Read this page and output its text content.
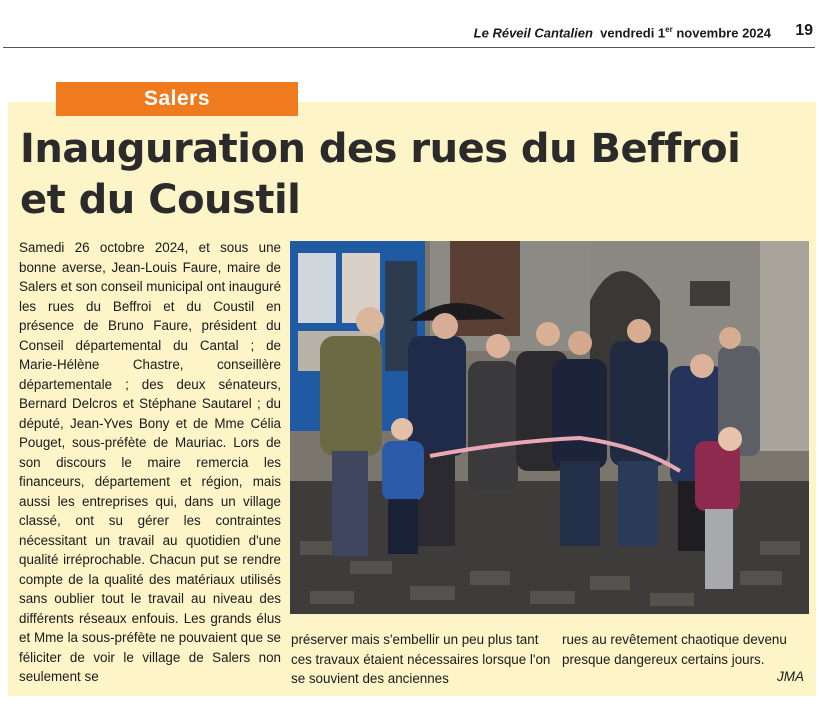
Le Réveil Cantalien vendredi 1er novembre 2024 19
Salers
Inauguration des rues du Beffroi
et du Coustil
Samedi 26 octobre 2024, et sous une bonne averse, Jean-Louis Faure, maire de Salers et son conseil municipal ont inauguré les rues du Beffroi et du Coustil en présence de Bruno Faure, président du Conseil départemental du Cantal ; de Marie-Hélène Chastre, conseillère départementale ; des deux sénateurs, Bernard Delcros et Stéphane Sautarel ; du député, Jean-Yves Bony et de Mme Célia Pouget, sous-préfète de Mauriac. Lors de son discours le maire remercia les financeurs, département et région, mais aussi les entreprises qui, dans un village classé, ont su gérer les contraintes nécessitant un travail au quotidien d'une qualité irréprochable. Chacun put se rendre compte de la qualité des matériaux utilisés sans oublier tout le travail au niveau des différents réseaux enfouis. Les grands élus et Mme la sous-préfète ne pouvaient que se féliciter de voir le village de Salers non seulement se
préserver mais s'embellir un peu plus tant ces travaux étaient nécessaires lorsque l'on se souvient des anciennes
rues au revêtement chaotique devenu presque dangereux certains jours.
JMA
